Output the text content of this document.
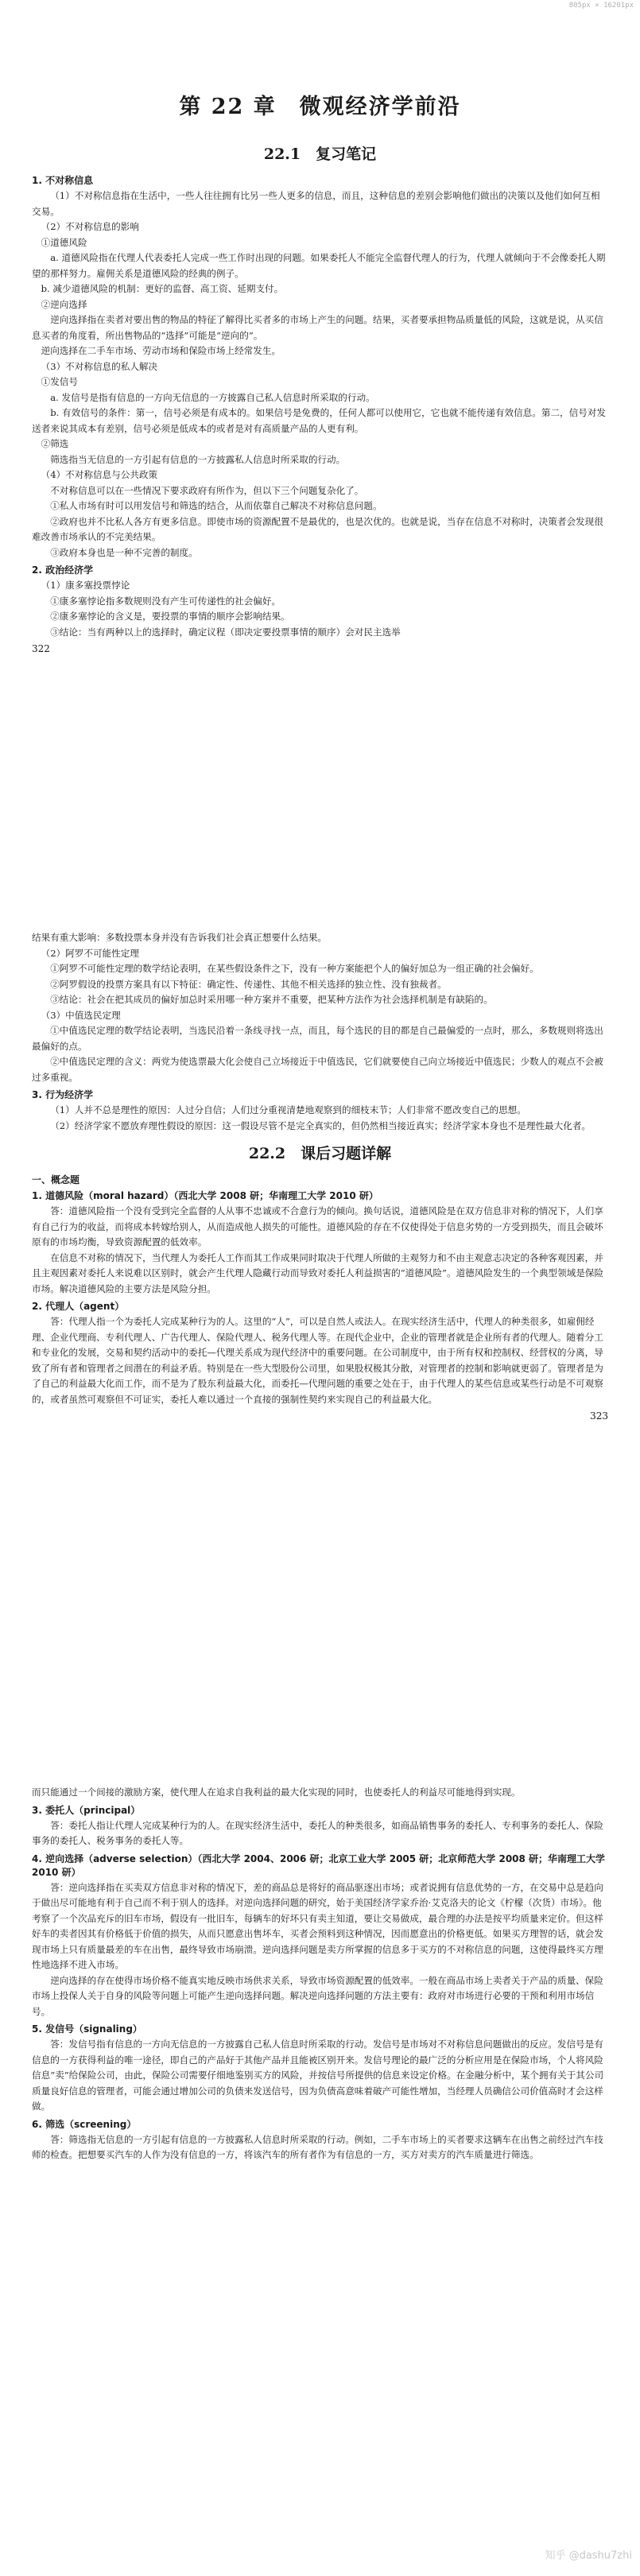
805px × 16201px
第 22 章　微观经济学前沿
22.1　复习笔记
1. 不对称信息

（1）不对称信息指在生活中，一些人往往拥有比另一些人更多的信息，而且，这种信息的差别会影响他们做出的决策以及他们如何互相交易。

（2）不对称信息的影响

①道德风险

a. 道德风险指在代理人代表委托人完成一些工作时出现的问题。如果委托人不能完全监督代理人的行为，代理人就倾向于不会像委托人期望的那样努力。雇佣关系是道德风险的经典的例子。

b. 减少道德风险的机制：更好的监督、高工资、延期支付。

②逆向选择

逆向选择指在卖者对要出售的物品的特征了解得比买者多的市场上产生的问题。结果，买者要承担物品质量低的风险，这就是说，从买信息买者的角度看，所出售物品的“选择”可能是“逆向的”。

逆向选择在二手车市场、劳动市场和保险市场上经常发生。

（3）不对称信息的私人解决

①发信号

a. 发信号是指有信息的一方向无信息的一方披露自己私人信息时所采取的行动。

b. 有效信号的条件：第一，信号必须是有成本的。如果信号是免费的，任何人都可以使用它，它也就不能传递有效信息。第二，信号对发送者来说其成本有差别，信号必须是低成本的或者是对有高质量产品的人更有利。

②筛选

筛选指当无信息的一方引起有信息的一方披露私人信息时所采取的行动。

（4）不对称信息与公共政策

不对称信息可以在一些情况下要求政府有所作为，但以下三个问题复杂化了。

①私人市场有时可以用发信号和筛选的结合，从而依靠自己解决不对称信息问题。

②政府也并不比私人各方有更多信息。即使市场的资源配置不是最优的，也是次优的。也就是说，当存在信息不对称时，决策者会发现很难改善市场承认的不完美结果。

③政府本身也是一种不完善的制度。

2. 政治经济学

（1）康多塞投票悖论

①康多塞悖论指多数规则没有产生可传递性的社会偏好。

②康多塞悖论的含义是，要投票的事情的顺序会影响结果。

③结论：当有两种以上的选择时，确定议程（即决定要投票事情的顺序）会对民主选举

322

结果有重大影响：多数投票本身并没有告诉我们社会真正想要什么结果。

（2）阿罗不可能性定理

①阿罗不可能性定理的数学结论表明，在某些假设条件之下，没有一种方案能把个人的偏好加总为一组正确的社会偏好。

②阿罗假设的投票方案具有以下特征：确定性、传递性、其他不相关选择的独立性、没有独裁者。

③结论：社会在把其成员的偏好加总时采用哪一种方案并不重要，把某种方法作为社会选择机制是有缺陷的。

（3）中值选民定理

①中值选民定理的数学结论表明，当选民沿着一条线寻找一点，而且，每个选民的目的都是自己最偏爱的一点时，那么，多数规则将选出最偏好的点。

②中值选民定理的含义：两党为使选票最大化会使自己立场接近于中值选民，它们就要使自己向立场接近中值选民；少数人的观点不会被过多重视。

3. 行为经济学

（1）人并不总是理性的原因：人过分自信；人们过分重视清楚地观察到的细枝末节；人们非常不愿改变自己的思想。

（2）经济学家不愿放弃理性假设的原因：这一假设尽管不是完全真实的，但仍然相当接近真实；经济学家本身也不是理性最大化者。

22.2　课后习题详解
一、概念题
1. 道德风险（moral hazard）（西北大学 2008 研；华南理工大学 2010 研）

答：道德风险指一个没有受到完全监督的人从事不忠诚或不合意行为的倾向。换句话说，道德风险是在双方信息非对称的情况下，人们享有自己行为的收益，而将成本转嫁给别人，从而造成他人损失的可能性。道德风险的存在不仅使得处于信息劣势的一方受到损失，而且会破坏原有的市场均衡，导致资源配置的低效率。

在信息不对称的情况下，当代理人为委托人工作而其工作成果同时取决于代理人所做的主观努力和不由主观意志决定的各种客观因素，并且主观因素对委托人来说难以区别时，就会产生代理人隐藏行动而导致对委托人利益损害的“道德风险”。道德风险发生的一个典型领域是保险市场。解决道德风险的主要方法是风险分担。

2. 代理人（agent）

答：代理人指一个为委托人完成某种行为的人。这里的“人”，可以是自然人或法人。在现实经济生活中，代理人的种类很多，如雇佣经理、企业代理商、专利代理人、广告代理人、保险代理人、税务代理人等。在现代企业中，企业的管理者就是企业所有者的代理人。随着分工和专业化的发展，交易和契约活动中的委托—代理关系成为现代经济中的重要问题。在公司制度中，由于所有权和控制权、经营权的分离，导致了所有者和管理者之间潜在的利益矛盾。特别是在一些大型股份公司里，如果股权极其分散，对管理者的控制和影响就更弱了。管理者是为了自己的利益最大化而工作，而不是为了股东利益最大化，而委托—代理问题的重要之处在于，由于代理人的某些信息或某些行动是不可观察的，或者虽然可观察但不可证实，委托人难以通过一个直接的强制性契约来实现自己的利益最大化。

323

而只能通过一个间接的激励方案，使代理人在追求自我利益的最大化实现的同时，也使委托人的利益尽可能地得到实现。

3. 委托人（principal）

答：委托人指让代理人完成某种行为的人。在现实经济生活中，委托人的种类很多，如商品销售事务的委托人、专利事务的委托人、保险事务的委托人、税务事务的委托人等。

4. 逆向选择（adverse selection）（西北大学 2004、2006 研；北京工业大学 2005 研；北京师范大学 2008 研；华南理工大学 2010 研）

答：逆向选择指在买卖双方信息非对称的情况下，差的商品总是将好的商品驱逐出市场；或者说拥有信息优势的一方，在交易中总是趋向于做出尽可能地有利于自己而不利于别人的选择。对逆向选择问题的研究，始于美国经济学家乔治·艾克洛夫的论文《柠檬（次货）市场》。他考察了一个次品充斥的旧车市场，假设有一批旧车，每辆车的好坏只有卖主知道，要让交易做成，最合理的办法是按平均质量来定价。但这样好车的卖者因其有价格低于价值的损失，从而只愿意出售坏车，买者会预料到这种情况，因而愿意出的价格更低。如果买方理智的话，就会发现市场上只有质量最差的车在出售，最终导致市场崩溃。逆向选择问题是卖方所掌握的信息多于买方的不对称信息的问题，这使得最终买方理性地选择不进入市场。

逆向选择的存在使得市场价格不能真实地反映市场供求关系，导致市场资源配置的低效率。一般在商品市场上卖者关于产品的质量、保险市场上投保人关于自身的风险等问题上可能产生逆向选择问题。解决逆向选择问题的方法主要有：政府对市场进行必要的干预和利用市场信号。

5. 发信号（signaling）

答：发信号指有信息的一方向无信息的一方披露自己私人信息时所采取的行动。发信号是市场对不对称信息问题做出的反应。发信号是有信息的一方获得利益的唯一途径，即自己的产品好于其他产品并且能被区别开来。发信号理论的最广泛的分析应用是在保险市场，个人将风险信息“卖”给保险公司，由此，保险公司需要仔细地鉴别买方的风险，并按信号所提供的信息来设定价格。在金融分析中，某个拥有关于其公司质量良好信息的管理者，可能会通过增加公司的负债来发送信号，因为负债高意味着破产可能性增加，当经理人员确信公司价值高时才会这样做。

6. 筛选（screening）

答：筛选指无信息的一方引起有信息的一方披露私人信息时所采取的行动。例如，二手车市场上的买者要求这辆车在出售之前经过汽车技师的检查。把想要买汽车的人作为没有信息的一方，将该汽车的所有者作为有信息的一方，买方对卖方的汽车质量进行筛选。

知乎 @dashu7zhi
